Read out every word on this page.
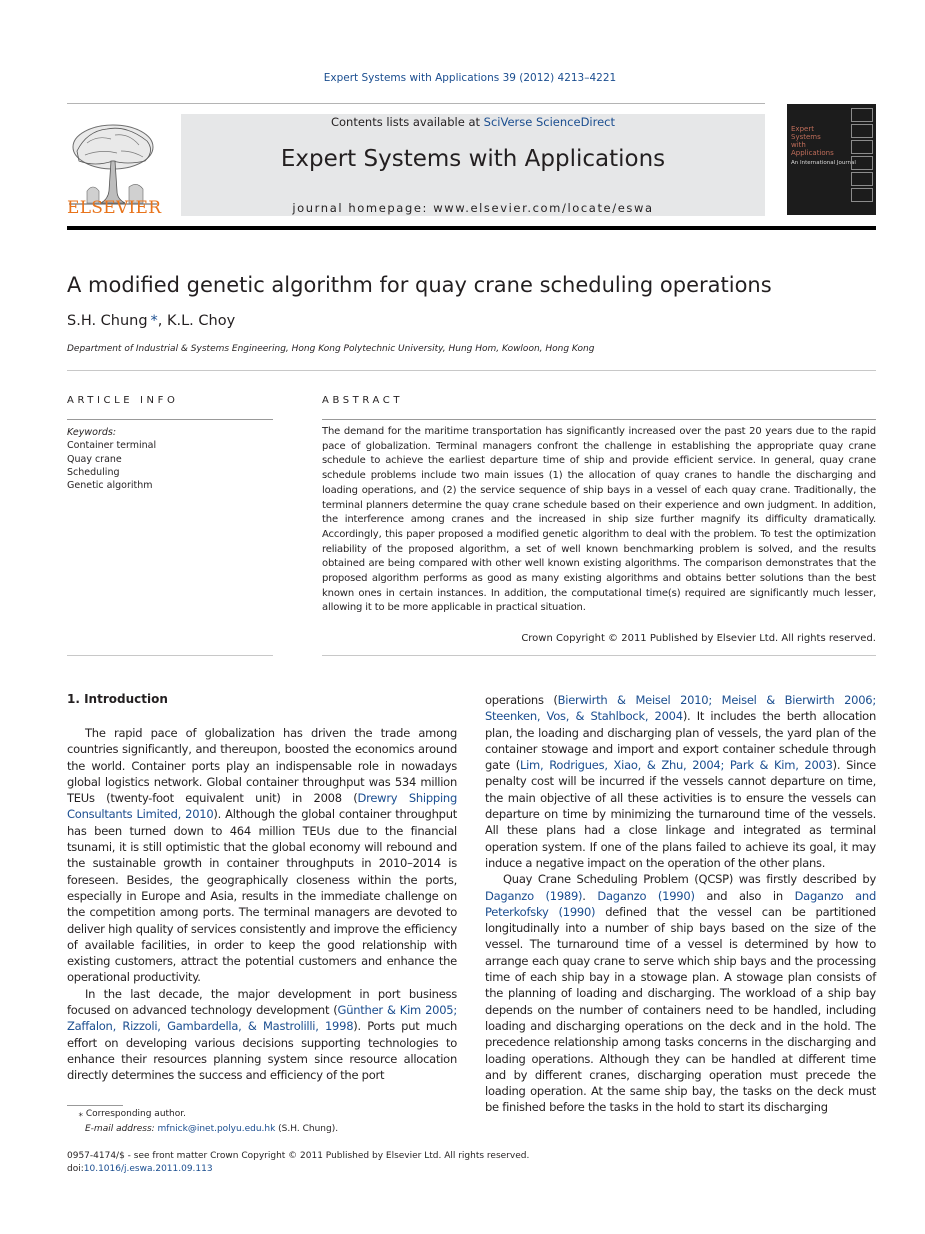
Expert Systems with Applications 39 (2012) 4213–4221
ELSEVIER
Contents lists available at SciVerse ScienceDirect
Expert Systems with Applications
journal homepage: www.elsevier.com/locate/eswa
Expert
Systems
with
Applications
An International Journal
A modified genetic algorithm for quay crane scheduling operations
S.H. Chung  *, K.L. Choy
Department of Industrial & Systems Engineering, Hong Kong Polytechnic University, Hung Hom, Kowloon, Hong Kong
ARTICLE INFO	ABSTRACT
Keywords:
Container terminal
Quay crane
Scheduling
Genetic algorithm
The demand for the maritime transportation has significantly increased over the past 20 years due to the rapid pace of globalization. Terminal managers confront the challenge in establishing the appropriate quay crane schedule to achieve the earliest departure time of ship and provide efficient service. In general, quay crane schedule problems include two main issues (1) the allocation of quay cranes to handle the discharging and loading operations, and (2) the service sequence of ship bays in a vessel of each quay crane. Traditionally, the terminal planners determine the quay crane schedule based on their experience and own judgment. In addition, the interference among cranes and the increased in ship size further magnify its difficulty dramatically. Accordingly, this paper proposed a modified genetic algorithm to deal with the problem. To test the optimization reliability of the proposed algorithm, a set of well known benchmarking problem is solved, and the results obtained are being compared with other well known existing algorithms. The comparison demonstrates that the proposed algorithm performs as good as many existing algorithms and obtains better solutions than the best known ones in certain instances. In addition, the computational time(s) required are significantly much lesser, allowing it to be more applicable in practical situation.
Crown Copyright © 2011 Published by Elsevier Ltd. All rights reserved.
1. Introduction

The rapid pace of globalization has driven the trade among countries significantly, and thereupon, boosted the economics around the world. Container ports play an indispensable role in nowadays global logistics network. Global container throughput was 534 million TEUs (twenty-foot equivalent unit) in 2008 (Drewry Shipping Consultants Limited, 2010). Although the global container throughput has been turned down to 464 million TEUs due to the financial tsunami, it is still optimistic that the global economy will rebound and the sustainable growth in container throughputs in 2010–2014 is foreseen. Besides, the geographically closeness within the ports, especially in Europe and Asia, results in the immediate challenge on the competition among ports. The terminal managers are devoted to deliver high quality of services consistently and improve the efficiency of available facilities, in order to keep the good relationship with existing customers, attract the potential customers and enhance the operational productivity.

In the last decade, the major development in port business focused on advanced technology development (Günther & Kim 2005; Zaffalon, Rizzoli, Gambardella, & Mastrolilli, 1998). Ports put much effort on developing various decisions supporting technologies to enhance their resources planning system since resource allocation directly determines the success and efficiency of the port

operations (Bierwirth & Meisel 2010; Meisel & Bierwirth 2006; Steenken, Vos, & Stahlbock, 2004). It includes the berth allocation plan, the loading and discharging plan of vessels, the yard plan of the container stowage and import and export container schedule through gate (Lim, Rodrigues, Xiao, & Zhu, 2004; Park & Kim, 2003). Since penalty cost will be incurred if the vessels cannot departure on time, the main objective of all these activities is to ensure the vessels can departure on time by minimizing the turnaround time of the vessels. All these plans had a close linkage and integrated as terminal operation system. If one of the plans failed to achieve its goal, it may induce a negative impact on the operation of the other plans.

Quay Crane Scheduling Problem (QCSP) was firstly described by Daganzo (1989). Daganzo (1990) and also in Daganzo and Peterkofsky (1990) defined that the vessel can be partitioned longitudinally into a number of ship bays based on the size of the vessel. The turnaround time of a vessel is determined by how to arrange each quay crane to serve which ship bays and the processing time of each ship bay in a stowage plan. A stowage plan consists of the planning of loading and discharging. The workload of a ship bay depends on the number of containers need to be handled, including loading and discharging operations on the deck and in the hold. The precedence relationship among tasks concerns in the discharging and loading operations. Although they can be handled at different time and by different cranes, discharging operation must precede the loading operation. At the same ship bay, the tasks on the deck must be finished before the tasks in the hold to start its discharging

  ⁎ Corresponding author.
E-mail address: mfnick@inet.polyu.edu.hk (S.H. Chung).
0957-4174/$ - see front matter Crown Copyright © 2011 Published by Elsevier Ltd. All rights reserved.
doi:10.1016/j.eswa.2011.09.113
